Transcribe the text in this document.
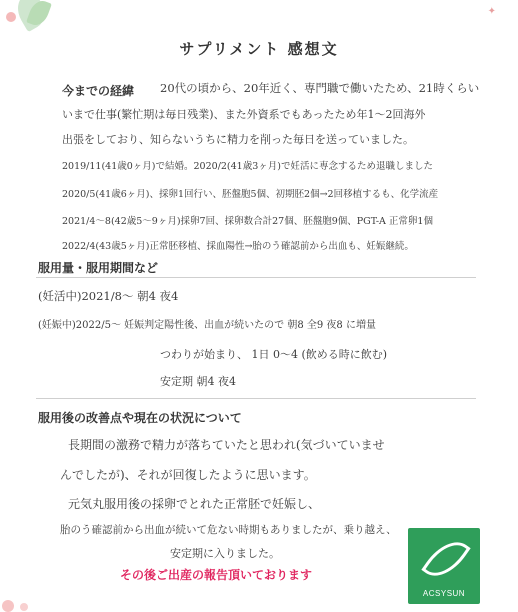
✦
サプリメント 感想文
今までの経緯 20代の頃から、20年近く、専門職で働いたため、21時くらい
いまで仕事(繁忙期は毎日残業)、また外資系でもあったため年1〜2回海外
出張をしており、知らないうちに精力を削った毎日を送っていました。
2019/11(41歳0ヶ月)で結婚。2020/2(41歳3ヶ月)で妊活に専念するため退職しました
2020/5(41歳6ヶ月)、採卵1回行い、胚盤胞5個、初期胚2個→2回移植するも、化学流産
2021/4〜8(42歳5〜9ヶ月)採卵7回、採卵数合計27個、胚盤胞9個、PGT-A 正常卵1個
2022/4(43歳5ヶ月)正常胚移植、採血陽性→胎のう確認前から出血も、妊娠継続。
服用量・服用期間など
(妊活中)2021/8〜 朝4 夜4
(妊娠中)2022/5〜 妊娠判定陽性後、出血が続いたので 朝8 全9 夜8 に増量
つわりが始まり、 1日 0〜4 (飲める時に飲む)
安定期 朝4 夜4
服用後の改善点や現在の状況について
長期間の激務で精力が落ちていたと思われ(気づいていませ
んでしたが)、それが回復したように思います。
元気丸服用後の採卵でとれた正常胚で妊娠し、
胎のう確認前から出血が続いて危ない時期もありましたが、乗り越え、
安定期に入りました。
その後ご出産の報告頂いております
ACSYSUN
